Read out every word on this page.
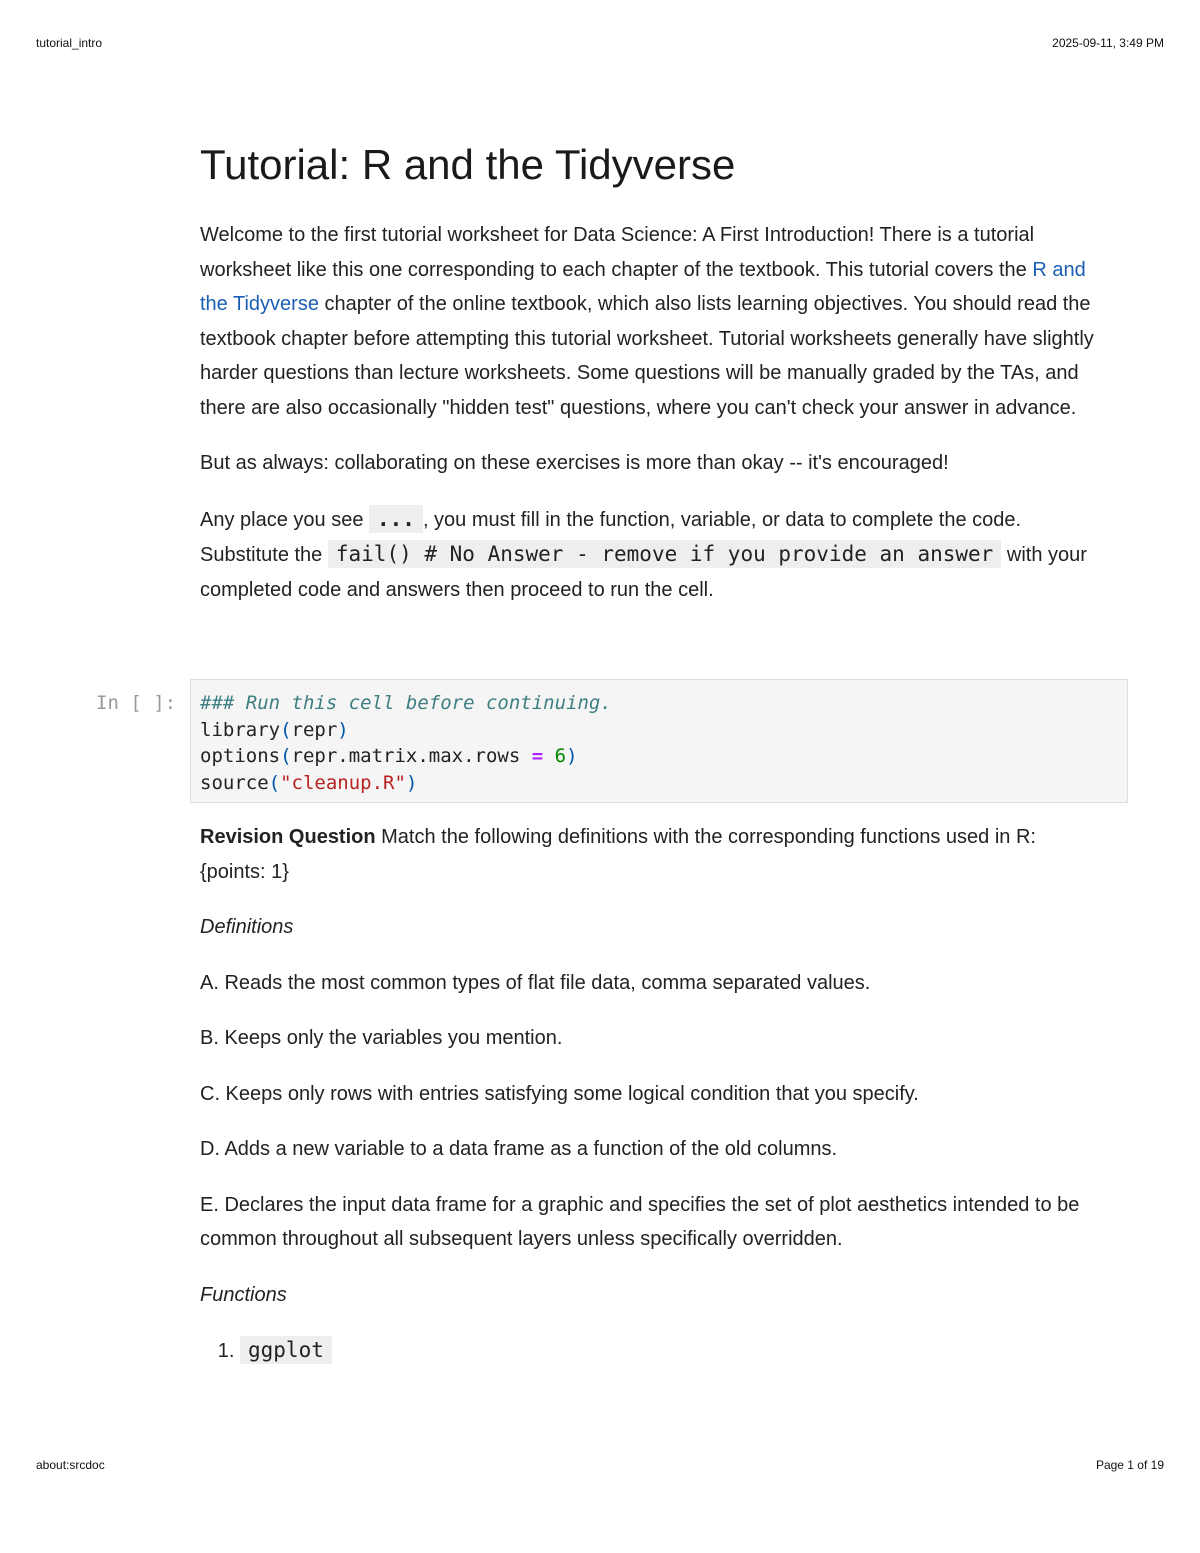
tutorial_intro	2025-09-11, 3:49 PM
Tutorial: R and the Tidyverse

Welcome to the first tutorial worksheet for Data Science: A First Introduction! There is a tutorial worksheet like this one corresponding to each chapter of the textbook. This tutorial covers the R and the Tidyverse chapter of the online textbook, which also lists learning objectives. You should read the textbook chapter before attempting this tutorial worksheet. Tutorial worksheets generally have slightly harder questions than lecture worksheets. Some questions will be manually graded by the TAs, and there are also occasionally "hidden test" questions, where you can't check your answer in advance.

But as always: collaborating on these exercises is more than okay -- it's encouraged!

Any place you see ... , you must fill in the function, variable, or data to complete the code. Substitute the fail() # No Answer - remove if you provide an answer with your completed code and answers then proceed to run the cell.

In [ ]:	### Run this cell before continuing.
library(repr)
options(repr.matrix.max.rows = 6)
source("cleanup.R")

Revision Question Match the following definitions with the corresponding functions used in R:

{points: 1}

Definitions

A. Reads the most common types of flat file data, comma separated values.

B. Keeps only the variables you mention.

C. Keeps only rows with entries satisfying some logical condition that you specify.

D. Adds a new variable to a data frame as a function of the old columns.

E. Declares the input data frame for a graphic and specifies the set of plot aesthetics intended to be common throughout all subsequent layers unless specifically overridden.

Functions

1. ggplot
about:srcdoc	Page 1 of 19
